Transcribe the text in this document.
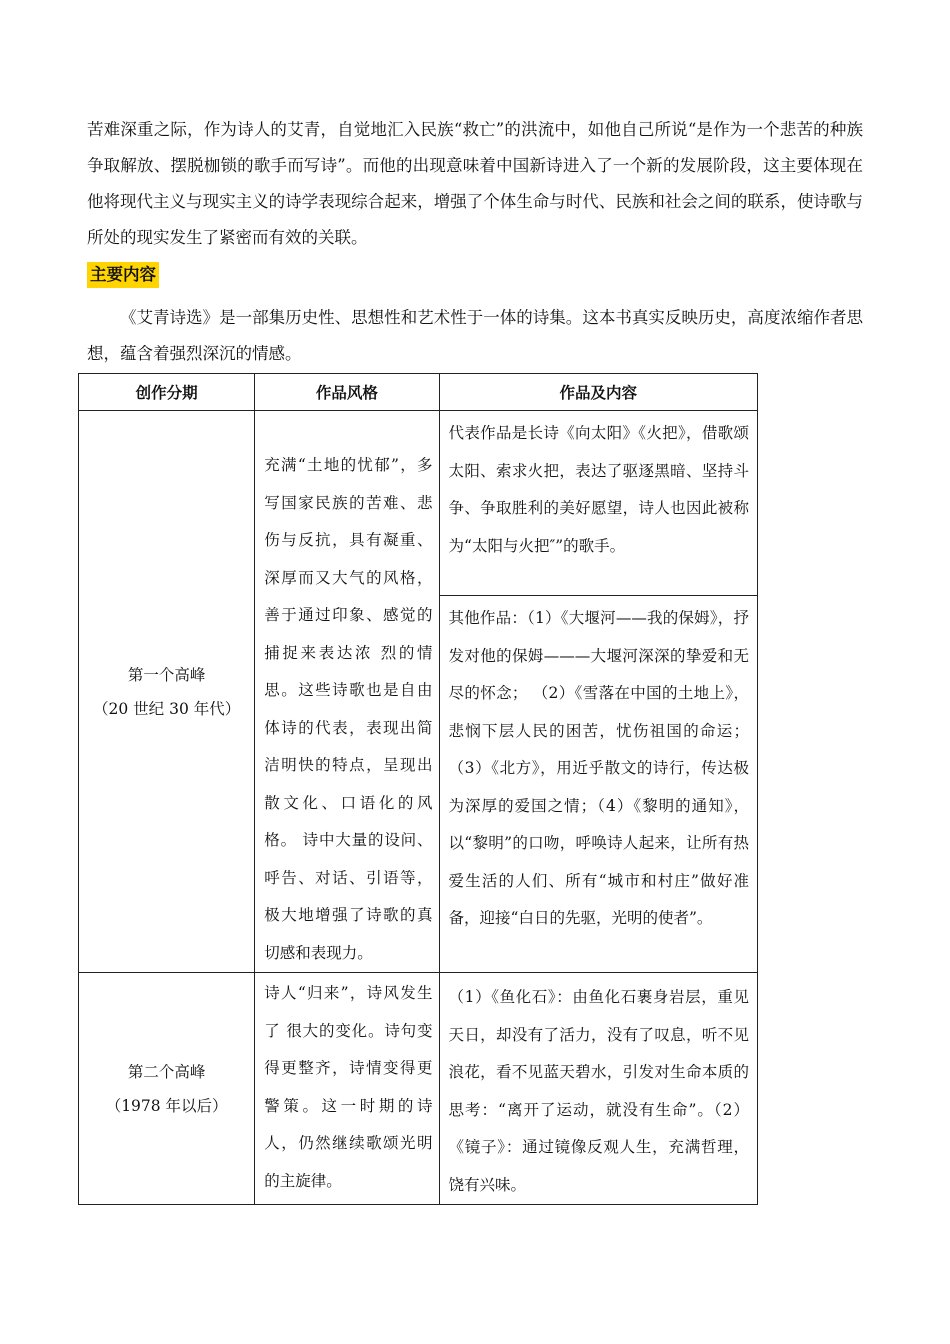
苦难深重之际，作为诗人的艾青，自觉地汇入民族“救亡”的洪流中，如他自己所说“是作为一个悲苦的种族争取解放、摆脱枷锁的歌手而写诗”。而他的出现意味着中国新诗进入了一个新的发展阶段，这主要体现在他将现代主义与现实主义的诗学表现综合起来，增强了个体生命与时代、民族和社会之间的联系，使诗歌与所处的现实发生了紧密而有效的关联。
主要内容
《艾青诗选》是一部集历史性、思想性和艺术性于一体的诗集。这本书真实反映历史，高度浓缩作者思想，蕴含着强烈深沉的情感。
创作分期	作品风格	作品及内容

第一个高峰
（20 世纪 30 年代）	充满“土地的忧郁”，多写国家民族的苦难、悲伤与反抗，具有凝重、深厚而又大气的风格，善于通过印象、感觉的捕捉来表达浓 烈的情思。这些诗歌也是自由体诗的代表，表现出简洁明快的特点，呈现出散文化、口语化的风格。 诗中大量的设问、呼告、对话、引语等，极大地增强了诗歌的真切感和表现力。	代表作品是长诗《向太阳》《火把》，借歌颂太阳、索求火把，表达了驱逐黑暗、坚持斗争、争取胜利的美好愿望，诗人也因此被称为“太阳与火把″”的歌手。
		其他作品：（1）《大堰河——我的保姆》，抒发对他的保姆———大堰河深深的挚爱和无尽的怀念； （2）《雪落在中国的土地上》，悲悯下层人民的困苦，忧伤祖国的命运；（3）《北方》，用近乎散文的诗行，传达极为深厚的爱国之情；（4）《黎明的通知》，以“黎明”的口吻，呼唤诗人起来，让所有热爱生活的人们、所有“城市和村庄”做好准备，迎接“白日的先驱，光明的使者”。

第二个高峰
（1978 年以后）	诗人“归来”，诗风发生了 很大的变化。诗句变得更整齐，诗情变得更警策。这一时期的诗人，仍然继续歌颂光明的主旋律。	（1）《鱼化石》：由鱼化石裹身岩层，重见天日，却没有了活力，没有了叹息，听不见浪花，看不见蓝天碧水，引发对生命本质的思考：“离开了运动，就没有生命”。（2）《镜子》：通过镜像反观人生，充满哲理，饶有兴味。
